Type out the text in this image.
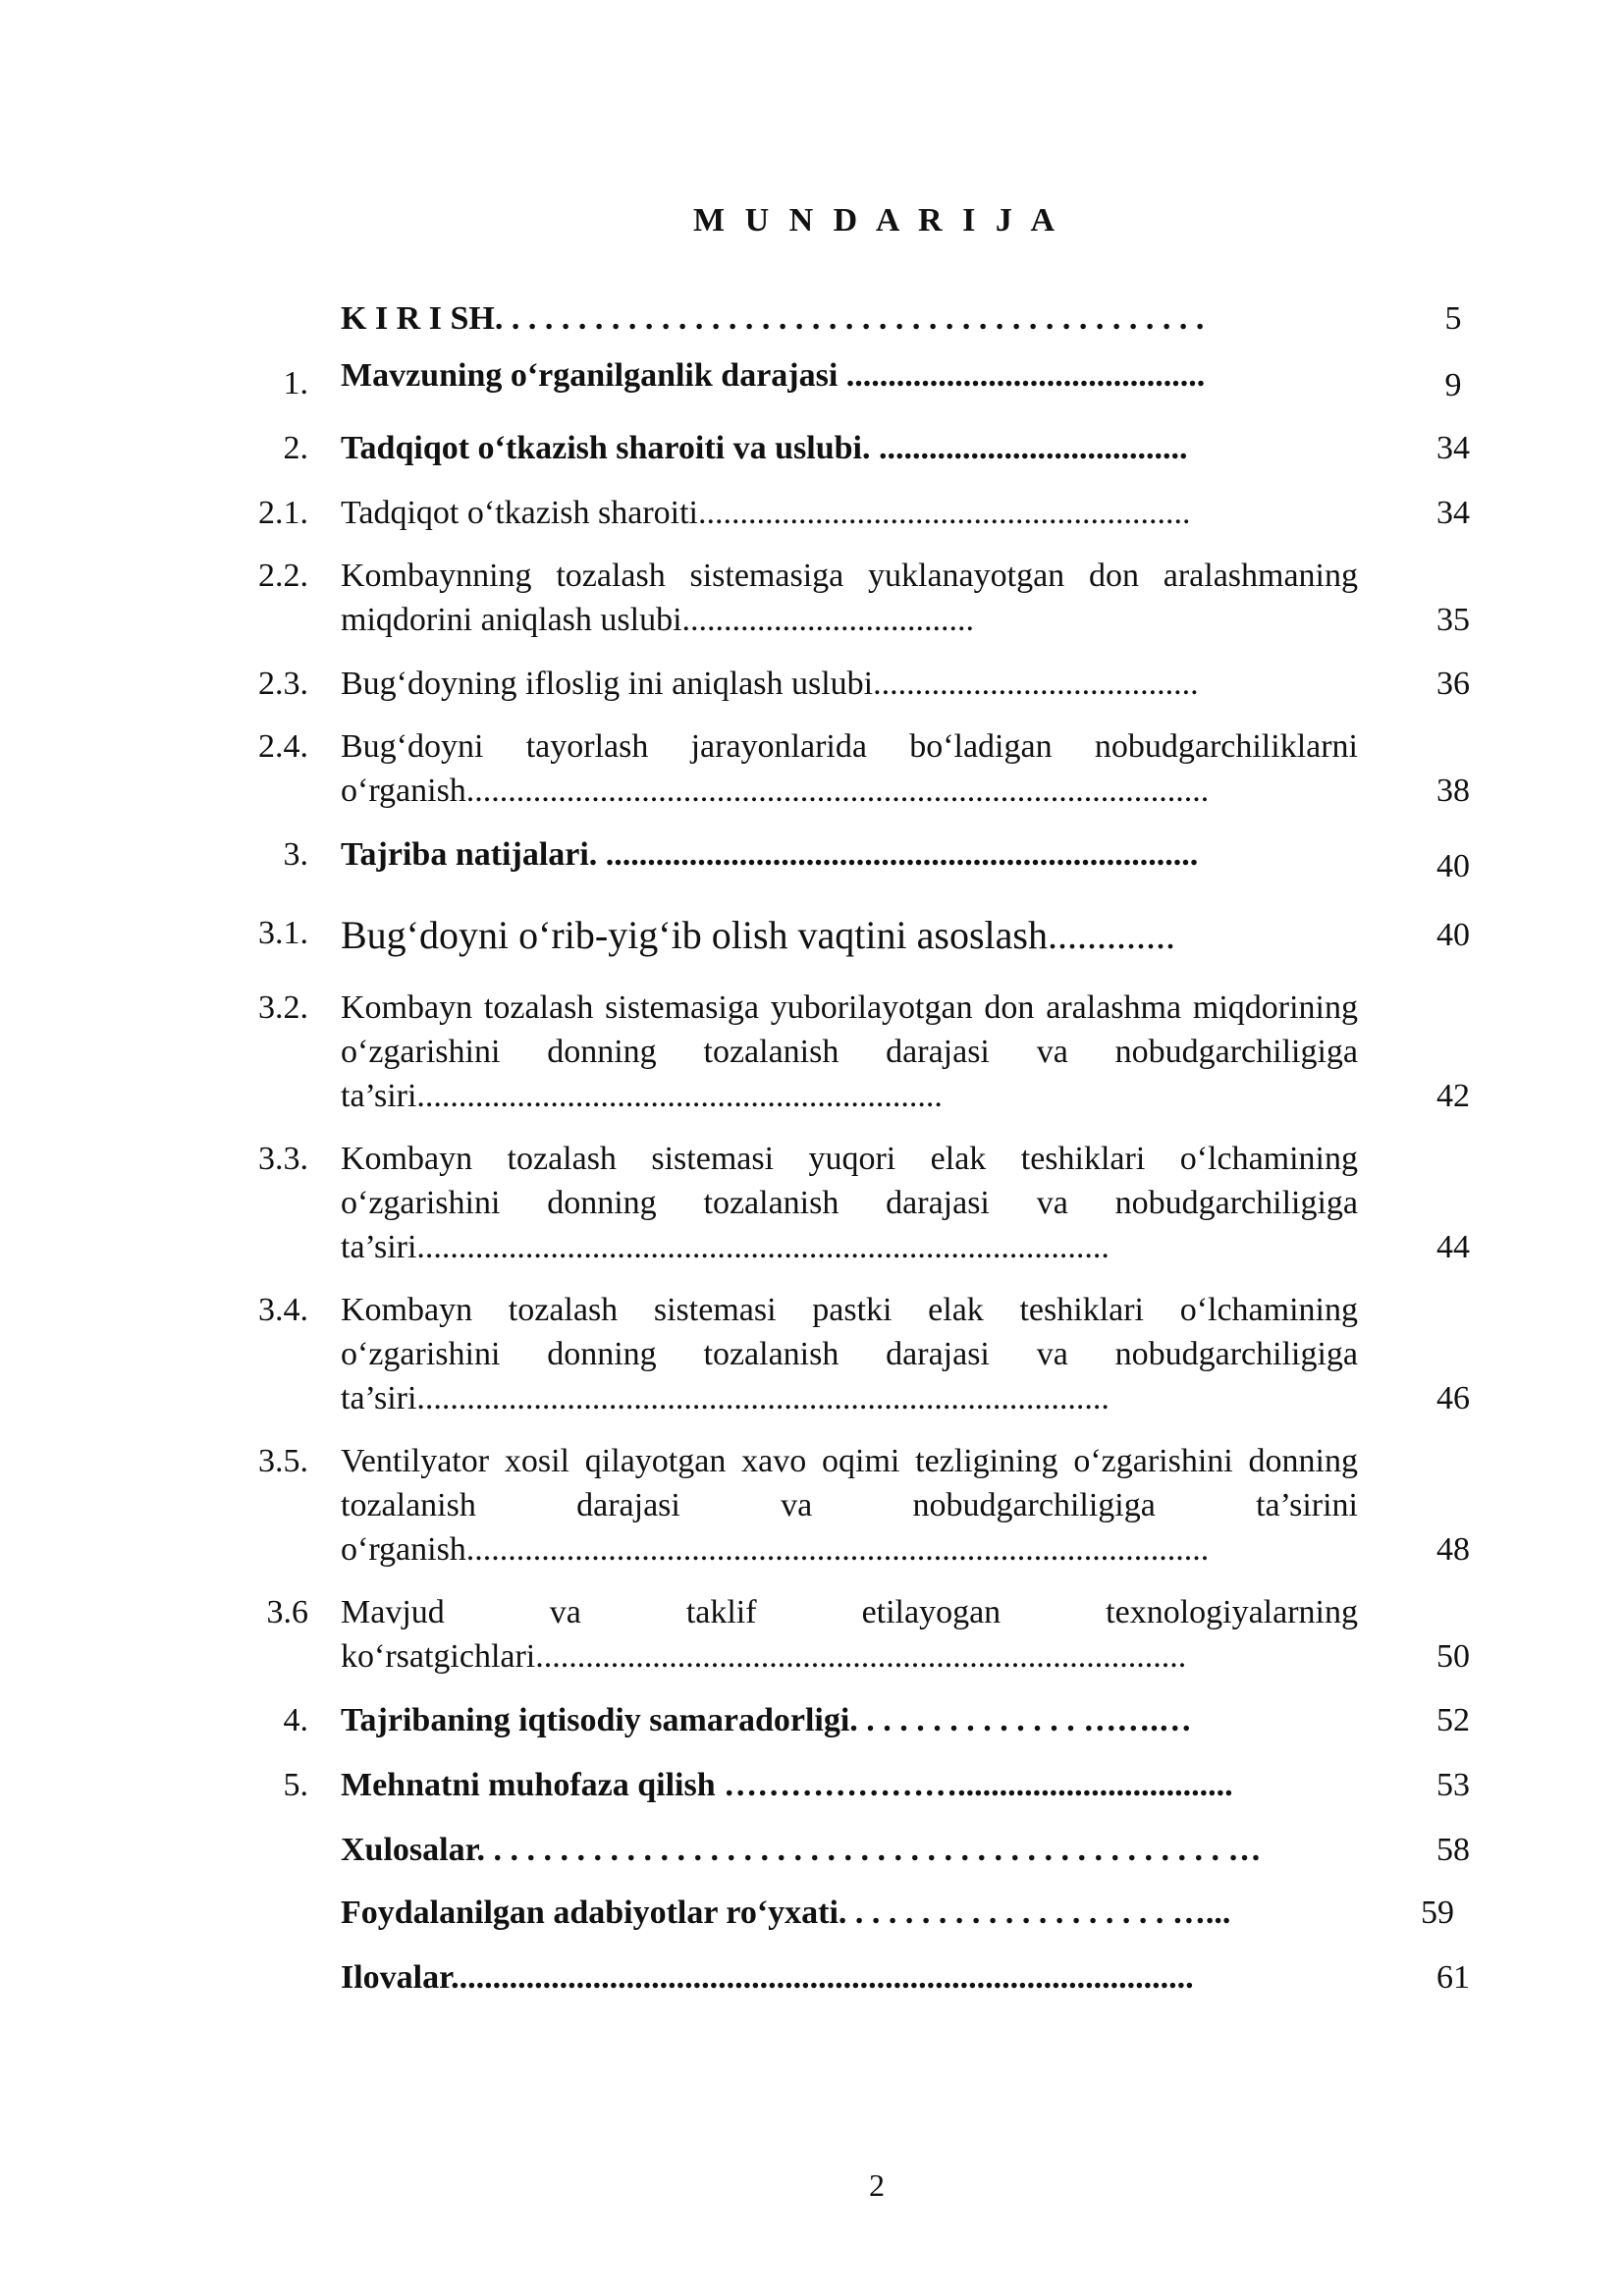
M U N D A R I J A
K I R I SH. . . . . . . . . . . . . . . . . . . . . . . . . . . . . . . . . . . . . . . . . . .	5
1. Mavzuning o‘rganilganlik darajasi ...........................................	9
2. Tadqiqot o‘tkazish sharoiti va uslubi. .....................................	34
2.1. Tadqiqot o‘tkazish sharoiti...........................................................	34
2.2. Kombaynning tozalash sistemasiga yuklanayotgan don aralashmaning miqdorini aniqlash uslubi...................................	35
2.3. Bug‘doyning ifloslig ini aniqlash uslubi.......................................	36
2.4. Bug‘doyni tayorlash jarayonlarida bo‘ladigan nobudgarchiliklarni o‘rganish.........................................................................................	38
3. Tajriba natijalari. .......................................................................	40
3.1. Bug‘doyni o‘rib-yig‘ib olish vaqtini asoslash.............	40
3.2. Kombayn tozalash sistemasiga yuborilayotgan don aralashma miqdorining o‘zgarishini donning tozalanish darajasi va nobudgarchiligiga ta’siri...............................................................	42
3.3. Kombayn tozalash sistemasi yuqori elak teshiklari o‘lchamining o‘zgarishini donning tozalanish darajasi va nobudgarchiligiga ta’siri...................................................................................	44
3.4. Kombayn tozalash sistemasi pastki elak teshiklari o‘lchamining o‘zgarishini donning tozalanish darajasi va nobudgarchiligiga ta’siri...................................................................................	46
3.5. Ventilyator xosil qilayotgan xavo oqimi tezligining o‘zgarishini donning tozalanish darajasi va nobudgarchiligiga ta’sirini o‘rganish.........................................................................................	48
3.6 Mavjud va taklif etilayogan texnologiyalarning ko‘rsatgichlari..............................................................................	50
4. Tajribaning iqtisodiy samaradorligi. . . . . . . . . . . . . . …….…	52
5. Mehnatni muhofaza qilish ………………….................................	53
Xulosalar. . . . . . . . . . . . . . . . . . . . . . . . . . . . . . . . . . . . . . . . . . . . . …	58
Foydalanilgan adabiyotlar ro‘yxati. . . . . . . . . . . . . . . . . . . . …...	59
Ilovalar.........................................................................................	61
2
